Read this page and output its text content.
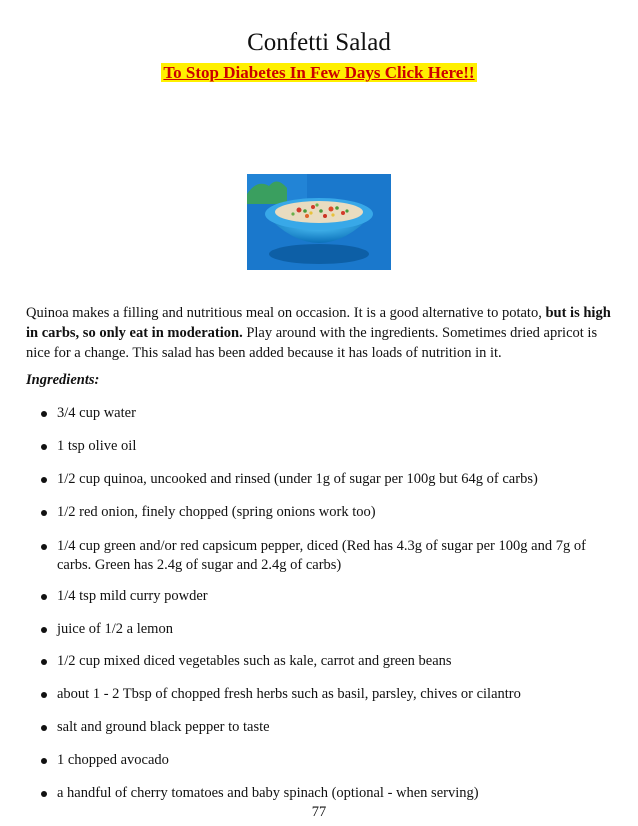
Confetti Salad
To Stop Diabetes In Few Days Click Here!!

Quinoa makes a filling and nutritious meal on occasion. It is a good alternative to potato, but is high in carbs, so only eat in moderation. Play around with the ingredients. Sometimes dried apricot is nice for a change. This salad has been added because it has loads of nutrition in it.

Ingredients:
3/4 cup water
1 tsp olive oil
1/2 cup quinoa, uncooked and rinsed (under 1g of sugar per 100g but 64g of carbs)
1/2 red onion, finely chopped (spring onions work too)
1/4 cup green and/or red capsicum pepper, diced (Red has 4.3g of sugar per 100g and 7g of carbs. Green has 2.4g of sugar and 2.4g of carbs)
1/4 tsp mild curry powder
juice of 1/2 a lemon
1/2 cup mixed diced vegetables such as kale, carrot and green beans
about 1 - 2 Tbsp of chopped fresh herbs such as basil, parsley, chives or cilantro
salt and ground black pepper to taste
1 chopped avocado
a handful of cherry tomatoes and baby spinach (optional - when serving)
77
